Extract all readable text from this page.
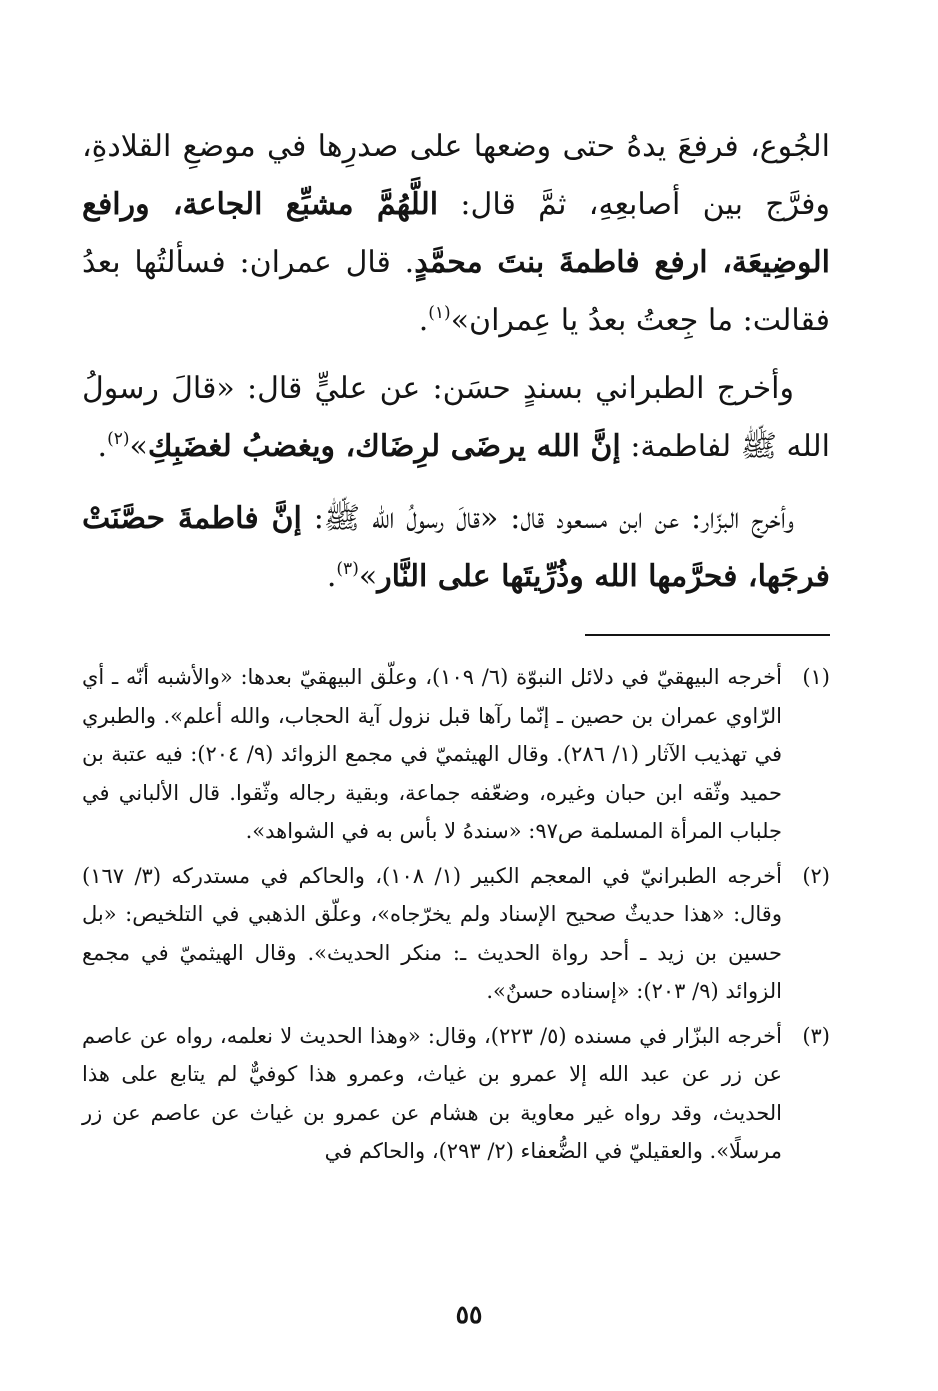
الجُوع، فرفعَ يدهُ حتى وضعها على صدرِها في موضعِ القلادةِ، وفرَّج بين أصابعِهِ، ثمَّ قال: اللَّهُمَّ مشبِّع الجاعة، ورافع الوضِيعَة، ارفع فاطمةَ بنتَ محمَّدٍ. قال عمران: فسألتُها بعدُ فقالت: ما جِعتُ بعدُ يا عِمران»$^{(١)}$.

وأخرج الطبراني بسندٍ حسَن: عن عليٍّ قال: «قالَ رسولُ الله ﷺ لفاطمة: إنَّ الله يرضَى لرِضَاك، ويغضبُ لغضَبِكِ»$^{(٢)}$.

وأخرج البزّار: عن ابن مسعود قال: «قالَ رسولُ الله ﷺ: إنَّ فاطمةَ حصَّنَتْ فرجَها، فحرَّمها الله وذُرِّيتَها على النَّار»$^{(٣)}$.

(١)
أخرجه البيهقيّ في دلائل النبوّة (٦/ ١٠٩)، وعلّق البيهقيّ بعدها: «والأشبه أنّه ـ أي الرّاوي عمران بن حصين ـ إنّما رآها قبل نزول آية الحجاب، والله أعلم». والطبري في تهذيب الآثار (١/ ٢٨٦). وقال الهيثميّ في مجمع الزوائد (٩/ ٢٠٤): فيه عتبة بن حميد وثّقه ابن حبان وغيره، وضعّفه جماعة، وبقية رجاله وثّقوا. قال الألباني في جلباب المرأة المسلمة ص٩٧: «سندهُ لا بأس به في الشواهد».
(٢)
أخرجه الطبرانيّ في المعجم الكبير (١/ ١٠٨)، والحاكم في مستدركه (٣/ ١٦٧) وقال: «هذا حديثٌ صحيح الإسناد ولم يخرّجاه»، وعلّق الذهبي في التلخيص: «بل حسين بن زيد ـ أحد رواة الحديث ـ: منكر الحديث». وقال الهيثميّ في مجمع الزوائد (٩/ ٢٠٣): «إسناده حسنٌ».
(٣)
أخرجه البزّار في مسنده (٥/ ٢٢٣)، وقال: «وهذا الحديث لا نعلمه، رواه عن عاصم عن زر عن عبد الله إلا عمرو بن غياث، وعمرو هذا كوفيٌّ لم يتابع على هذا الحديث، وقد رواه غير معاوية بن هشام عن عمرو بن غياث عن عاصم عن زر مرسلًا». والعقيليّ في الضُّعفاء (٢/ ٢٩٣)، والحاكم في
٥٥
